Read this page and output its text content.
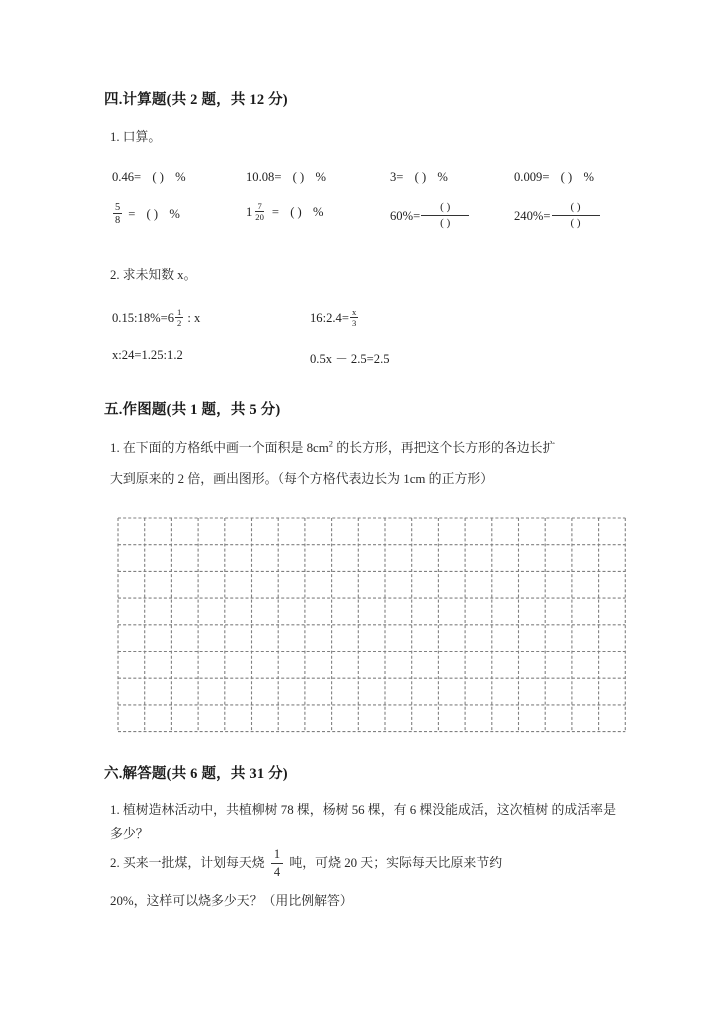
四.计算题(共 2 题，共 12 分)
1. 口算。
0.46= ( ) %	10.08= ( ) %	3= ( ) %	0.009= ( ) %
$\frac{5}{8}$ = ( ) %	$1 \frac{7}{20}$ = ( ) %	$60\% = \frac{( )}{( )}$	$240\% = \frac{( )}{( )}$
2. 求未知数 x。
0.15:18%=6 $\frac{1}{2}$ : x	16:2.4= $\frac{x}{3}$
x:24=1.25:1.2	0.5x － 2.5=2.5
五.作图题(共 1 题，共 5 分)
1. 在下面的方格纸中画一个面积是 $8cm^2$ 的长方形，再把这个长方形的各边长扩
大到原来的 2 倍，画出图形。（每个方格代表边长为 1cm 的正方形）
六.解答题(共 6 题，共 31 分)
1. 植树造林活动中，共植柳树 78 棵，杨树 56 棵，有 6 棵没能成活，这次植树 的成活率是多少？
2. 买来一批煤，计划每天烧 $\frac{1}{4}$ 吨，可烧 20 天；实际每天比原来节约
20%，这样可以烧多少天？（用比例解答）
